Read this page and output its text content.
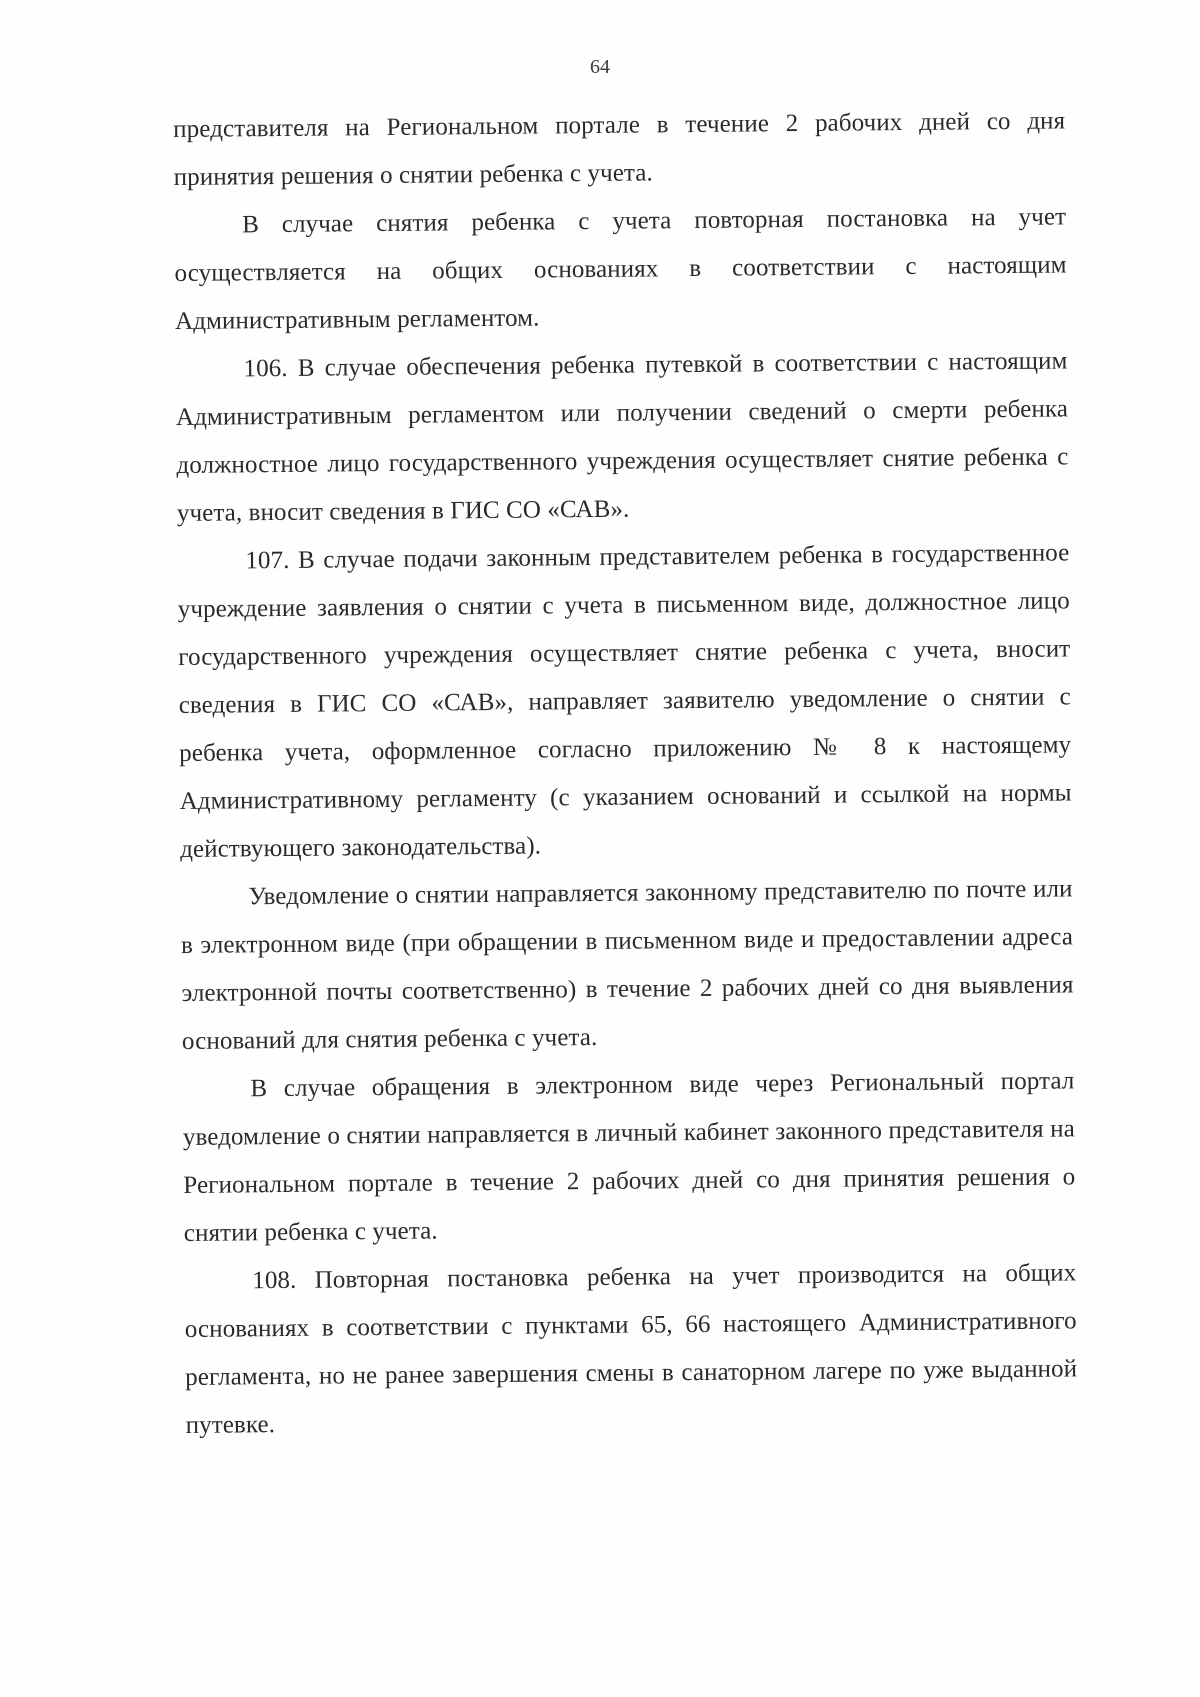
64

представителя на Региональном портале в течение 2 рабочих дней со дня принятия решения о снятии ребенка с учета.

В случае снятия ребенка с учета повторная постановка на учет осуществляется на общих основаниях в соответствии с настоящим Административным регламентом.

106. В случае обеспечения ребенка путевкой в соответствии с настоящим Административным регламентом или получении сведений о смерти ребенка должностное лицо государственного учреждения осуществляет снятие ребенка с учета, вносит сведения в ГИС СО «САВ».

107. В случае подачи законным представителем ребенка в государственное учреждение заявления о снятии с учета в письменном виде, должностное лицо государственного учреждения осуществляет снятие ребенка с учета, вносит сведения в ГИС СО «САВ», направляет заявителю уведомление о снятии с ребенка учета, оформленное согласно приложению № 8 к настоящему Административному регламенту (с указанием оснований и ссылкой на нормы действующего законодательства).

Уведомление о снятии направляется законному представителю по почте или в электронном виде (при обращении в письменном виде и предоставлении адреса электронной почты соответственно) в течение 2 рабочих дней со дня выявления оснований для снятия ребенка с учета.

В случае обращения в электронном виде через Региональный портал уведомление о снятии направляется в личный кабинет законного представителя на Региональном портале в течение 2 рабочих дней со дня принятия решения о снятии ребенка с учета.

108. Повторная постановка ребенка на учет производится на общих основаниях в соответствии с пунктами 65, 66 настоящего Административного регламента, но не ранее завершения смены в санаторном лагере по уже выданной путевке.
